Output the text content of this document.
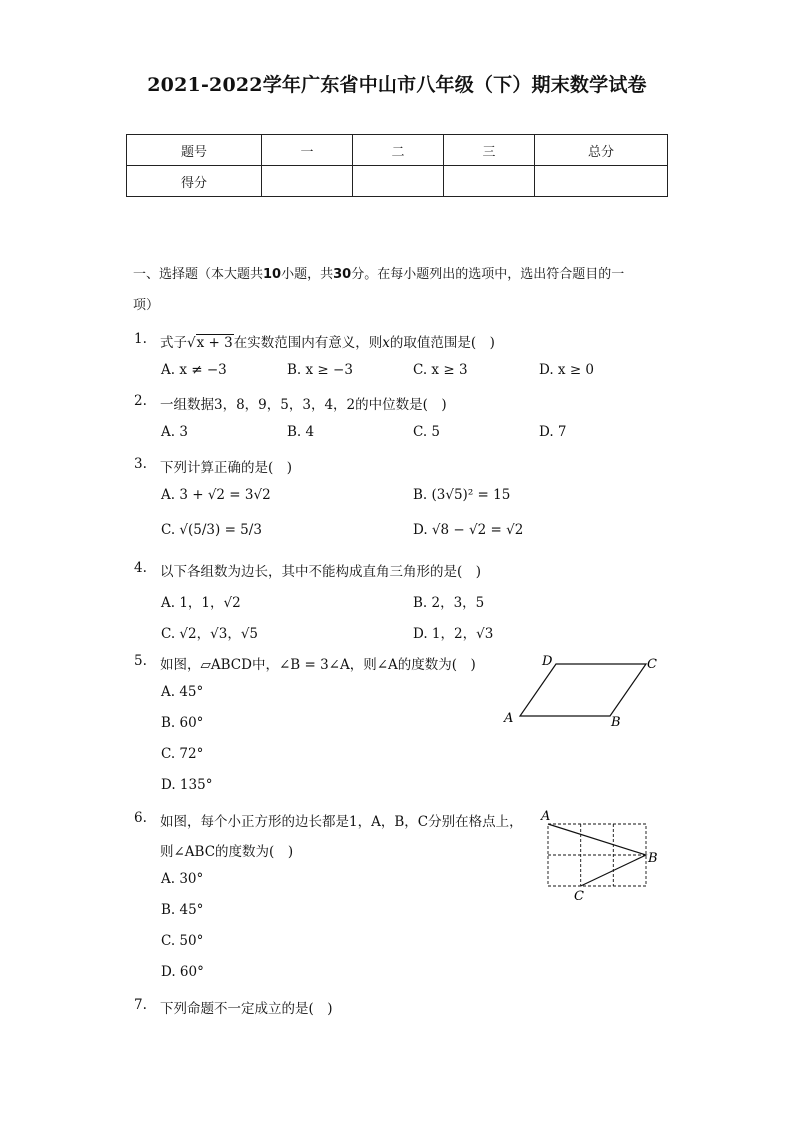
2021-2022学年广东省中山市八年级（下）期末数学试卷
题号	一	二	三	总分
得分				
一、选择题（本大题共10小题，共30分。在每小题列出的选项中，选出符合题目的一
项）
1. 式子√x + 3在实数范围内有意义，则x的取值范围是(　)
A. x ≠ −3	B. x ≥ −3	C. x ≥ 3	D. x ≥ 0
2. 一组数据3，8，9，5，3，4，2的中位数是(　)
A. 3	B. 4	C. 5	D. 7
3. 下列计算正确的是(　)
A. 3 + √2 = 3√2	B. (3√5)² = 15
C. √(5/3) = 5/3	D. √8 − √2 = √2
4. 以下各组数为边长，其中不能构成直角三角形的是(　)
A. 1，1，√2	B. 2，3，5
C. √2，√3，√5	D. 1，2，√3
5. 如图，▱ABCD中，∠B = 3∠A，则∠A的度数为(　)
A. 45°
B. 60°
C. 72°
D. 135°
A	B
C
D
6. 如图，每个小正方形的边长都是1，A，B，C分别在格点上，
则∠ABC的度数为(　)
A. 30°
B. 45°
C. 50°
D. 60°
A
B
C
7. 下列命题不一定成立的是(　)
